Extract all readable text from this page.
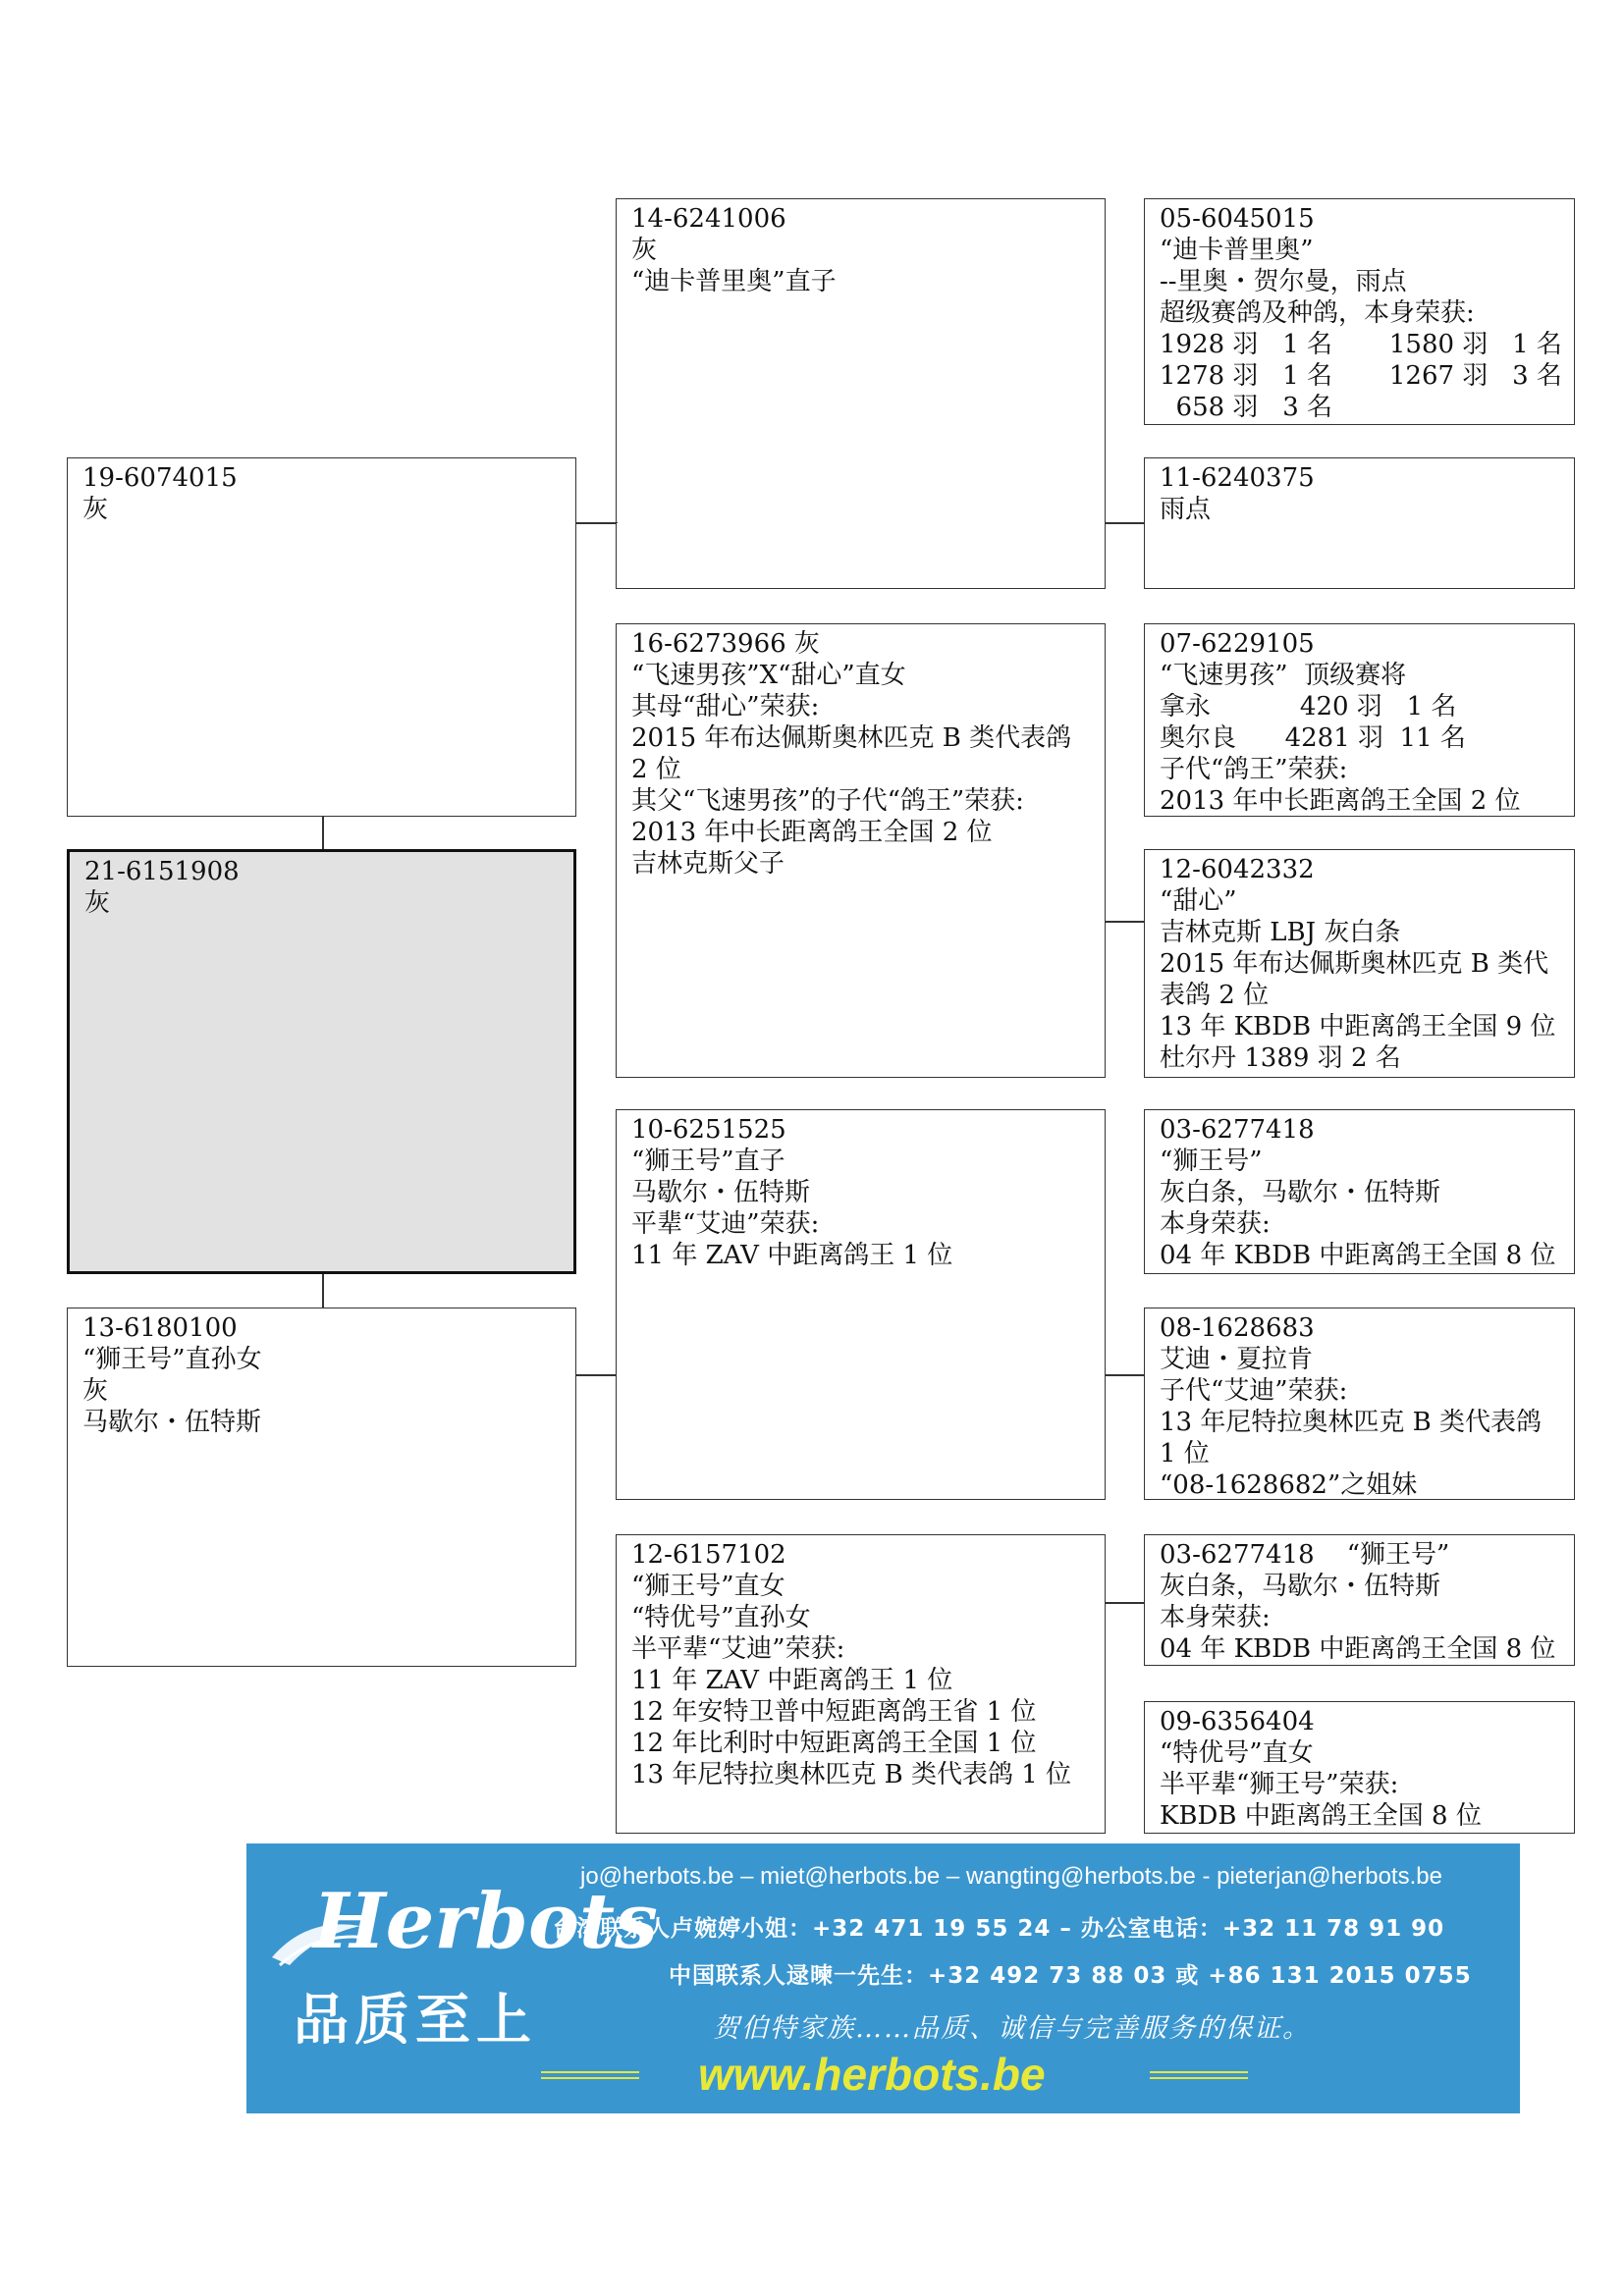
19-6074015
灰
21-6151908
灰
13-6180100
“狮王号”直孙女
灰
马歇尔・伍特斯
14-6241006
灰
“迪卡普里奥”直子
16-6273966 灰
“飞速男孩”X“甜心”直女
其母“甜心”荣获:
2015 年布达佩斯奥林匹克 B 类代表鸽 2 位
其父“飞速男孩”的子代“鸽王”荣获:
2013 年中长距离鸽王全国 2 位
吉林克斯父子
10-6251525
“狮王号”直子
马歇尔・伍特斯
平辈“艾迪”荣获:
11 年 ZAV 中距离鸽王 1 位
12-6157102
“狮王号”直女
“特优号”直孙女
半平辈“艾迪”荣获:
11 年 ZAV 中距离鸽王 1 位
12 年安特卫普中短距离鸽王省 1 位
12 年比利时中短距离鸽王全国 1 位
13 年尼特拉奥林匹克 B 类代表鸽 1 位
05-6045015
“迪卡普里奥”
--里奥・贺尔曼，雨点
超级赛鸽及种鸽，本身荣获:
1928 羽   1 名       1580 羽   1 名
1278 羽   1 名       1267 羽   3 名
658 羽   3 名
11-6240375
雨点
07-6229105
“飞速男孩”  顶级赛将
拿永           420 羽   1 名
奥尔良      4281 羽  11 名
子代“鸽王”荣获:
2013 年中长距离鸽王全国 2 位
12-6042332
“甜心”
吉林克斯 LBJ 灰白条
2015 年布达佩斯奥林匹克 B 类代表鸽 2 位
13 年 KBDB 中距离鸽王全国 9 位
杜尔丹 1389 羽 2 名
03-6277418
“狮王号”
灰白条，马歇尔・伍特斯
本身荣获:
04 年 KBDB 中距离鸽王全国 8 位
08-1628683
艾迪・夏拉肯
子代“艾迪”荣获:
13 年尼特拉奥林匹克 B 类代表鸽 1 位
“08-1628682”之姐妹
03-6277418    “狮王号”
灰白条，马歇尔・伍特斯
本身荣获:
04 年 KBDB 中距离鸽王全国 8 位
09-6356404
“特优号”直女
半平辈“狮王号”荣获:
KBDB 中距离鸽王全国 8 位
Herbots
品质至上
jo@herbots.be – miet@herbots.be – wangting@herbots.be - pieterjan@herbots.be
台湾联系人卢婉婷小姐：+32 471 19 55 24 – 办公室电话：+32 11 78 91 90
中国联系人逯暕一先生：+32 492 73 88 03 或 +86 131 2015 0755
贺伯特家族……品质、诚信与完善服务的保证。
www.herbots.be
